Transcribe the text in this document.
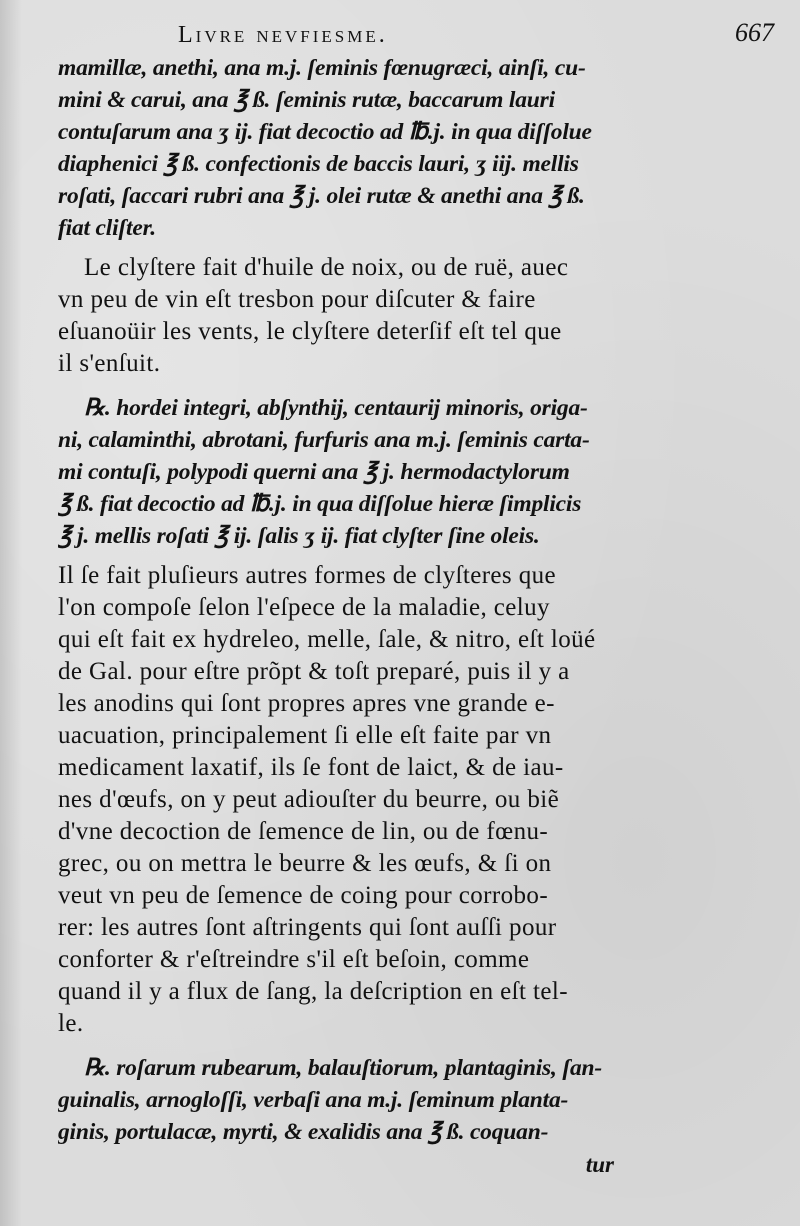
Livre nevfiesme.	667
mamillæ, anethi, ana m.j. ſeminis fœnugræci, ainſi, cu-
mini & carui, ana ℥ ß. ſeminis rutæ, baccarum lauri
contuſarum ana ʒ ij. fiat decoctio ad ℔.j. in qua diſſolue
diaphenici ℥ ß. confectionis de baccis lauri, ʒ iij. mellis
roſati, ſaccari rubri ana ℥ j. olei rutæ & anethi ana ℥ ß.
fiat cliſter.
Le clyſtere fait d'huile de noix, ou de ruë, auec
vn peu de vin eſt tresbon pour diſcuter & faire
eſuanoüir les vents, le clyſtere deterſif eſt tel que
il s'enſuit.
℞. hordei integri, abſynthij, centaurij minoris, origa-
ni, calaminthi, abrotani, furfuris ana m.j. ſeminis carta-
mi contuſi, polypodi querni ana ℥ j. hermodactylorum
℥ ß. fiat decoctio ad ℔.j. in qua diſſolue hieræ ſimplicis
℥ j. mellis roſati ℥ ij. ſalis ʒ ij. fiat clyſter ſine oleis.
Il ſe fait pluſieurs autres formes de clyſteres que
l'on compoſe ſelon l'eſpece de la maladie, celuy
qui eſt fait ex hydreleo, melle, ſale, & nitro, eſt loüé
de Gal. pour eſtre prõpt & toſt preparé, puis il y a
les anodins qui ſont propres apres vne grande e-
uacuation, principalement ſi elle eſt faite par vn
medicament laxatif, ils ſe font de laict, & de iau-
nes d'œufs, on y peut adiouſter du beurre, ou biẽ
d'vne decoction de ſemence de lin, ou de fœnu-
grec, ou on mettra le beurre & les œufs, & ſi on
veut vn peu de ſemence de coing pour corrobo-
rer: les autres ſont aſtringents qui ſont auſſi pour
conforter & r'eſtreindre s'il eſt beſoin, comme
quand il y a flux de ſang, la deſcription en eſt tel-
le.
℞. roſarum rubearum, balauſtiorum, plantaginis, ſan-
guinalis, arnogloſſi, verbaſi ana m.j. ſeminum planta-
ginis, portulacæ, myrti, & exalidis ana ℥ ß. coquan-
tur
